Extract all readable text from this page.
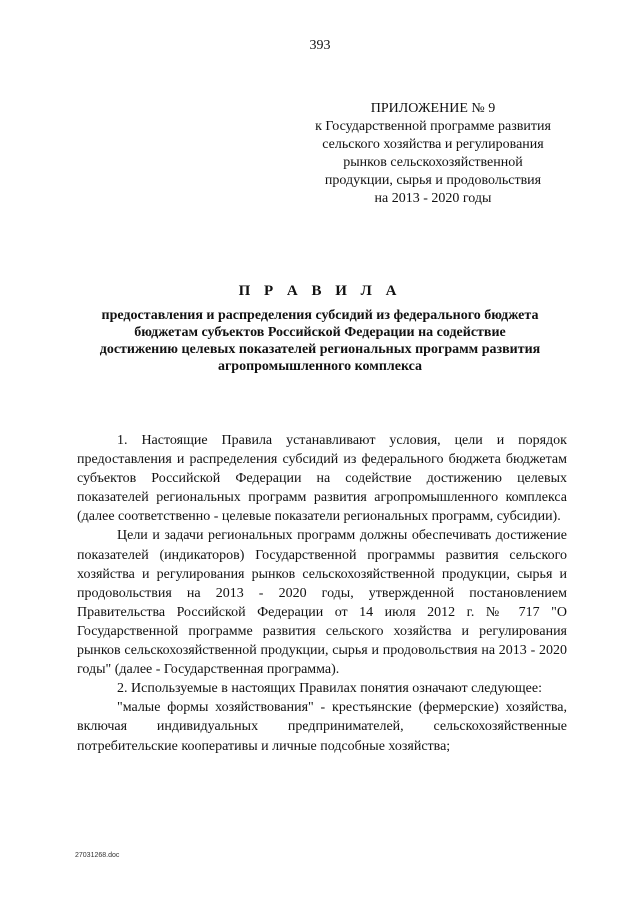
393
ПРИЛОЖЕНИЕ № 9
к Государственной программе развития
сельского хозяйства и регулирования
рынков сельскохозяйственной
продукции, сырья и продовольствия
на 2013 - 2020 годы
П Р А В И Л А
предоставления и распределения субсидий из федерального бюджета
бюджетам субъектов Российской Федерации на содействие
достижению целевых показателей региональных программ развития
агропромышленного комплекса

1. Настоящие Правила устанавливают условия, цели и порядок предоставления и распределения субсидий из федерального бюджета бюджетам субъектов Российской Федерации на содействие достижению целевых показателей региональных программ развития агропромышленного комплекса (далее соответственно - целевые показатели региональных программ, субсидии).

Цели и задачи региональных программ должны обеспечивать достижение показателей (индикаторов) Государственной программы развития сельского хозяйства и регулирования рынков сельскохозяйственной продукции, сырья и продовольствия на 2013 - 2020 годы, утвержденной постановлением Правительства Российской Федерации от 14 июля 2012 г. № 717 "О Государственной программе развития сельского хозяйства и регулирования рынков сельскохозяйственной продукции, сырья и продовольствия на 2013 - 2020 годы" (далее - Государственная программа).

2. Используемые в настоящих Правилах понятия означают следующее:

"малые формы хозяйствования" - крестьянские (фермерские) хозяйства, включая индивидуальных предпринимателей, сельскохозяйственные потребительские кооперативы и личные подсобные хозяйства;

27031268.doc
